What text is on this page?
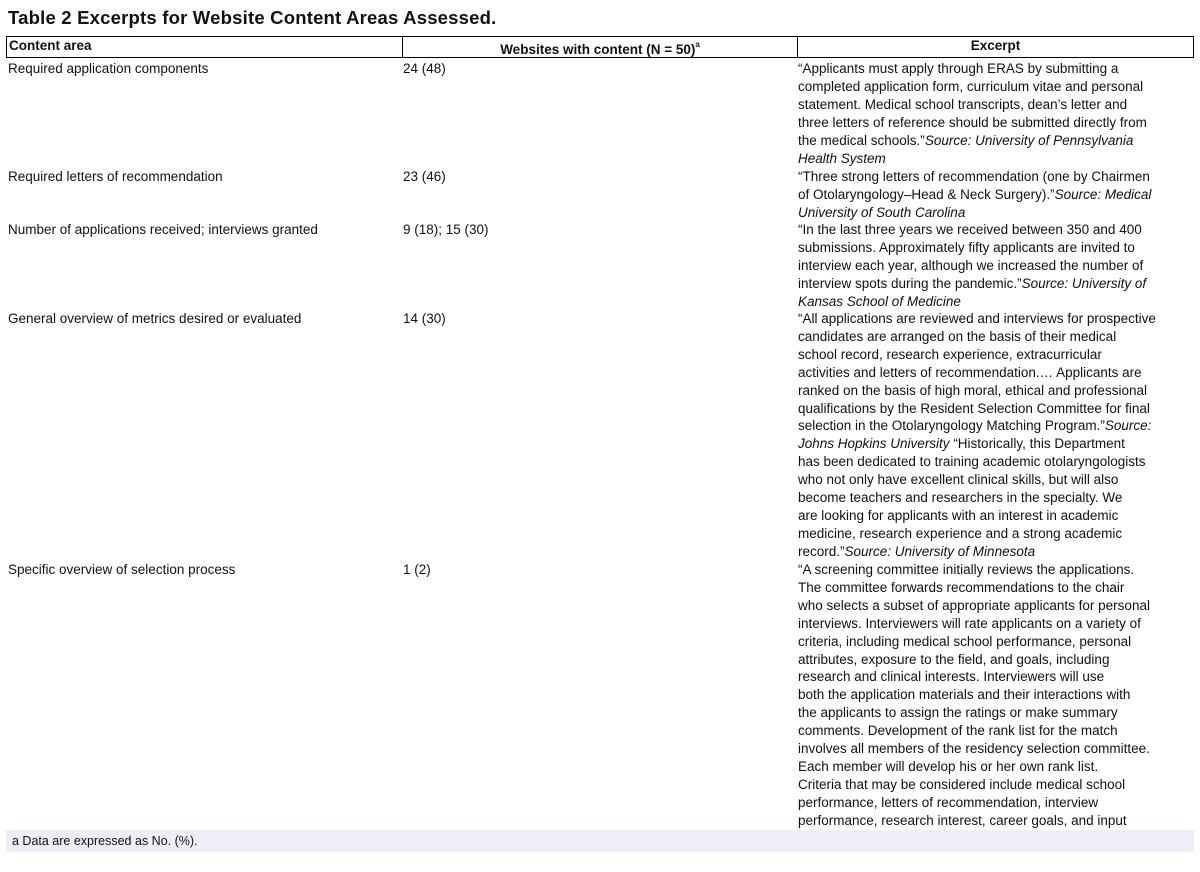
Table 2 Excerpts for Website Content Areas Assessed.
Content area	Websites with content (N = 50)$^a$	Excerpt
Required application components	24 (48)	“Applicants must apply through ERAS by submitting a
completed application form, curriculum vitae and personal
statement. Medical school transcripts, dean’s letter and
three letters of reference should be submitted directly from
the medical schools.”Source: University of Pennsylvania
Health System
Required letters of recommendation	23 (46)	“Three strong letters of recommendation (one by Chairmen
of Otolaryngology–Head & Neck Surgery).”Source: Medical
University of South Carolina
Number of applications received; interviews granted	9 (18); 15 (30)	“In the last three years we received between 350 and 400
submissions. Approximately fifty applicants are invited to
interview each year, although we increased the number of
interview spots during the pandemic.”Source: University of
Kansas School of Medicine
General overview of metrics desired or evaluated	14 (30)	“All applications are reviewed and interviews for prospective
candidates are arranged on the basis of their medical
school record, research experience, extracurricular
activities and letters of recommendation.… Applicants are
ranked on the basis of high moral, ethical and professional
qualifications by the Resident Selection Committee for final
selection in the Otolaryngology Matching Program.”Source:
Johns Hopkins University “Historically, this Department
has been dedicated to training academic otolaryngologists
who not only have excellent clinical skills, but will also
become teachers and researchers in the specialty. We
are looking for applicants with an interest in academic
medicine, research experience and a strong academic
record.”Source: University of Minnesota
Specific overview of selection process	1 (2)	“A screening committee initially reviews the applications.
The committee forwards recommendations to the chair
who selects a subset of appropriate applicants for personal
interviews. Interviewers will rate applicants on a variety of
criteria, including medical school performance, personal
attributes, exposure to the field, and goals, including
research and clinical interests. Interviewers will use
both the application materials and their interactions with
the applicants to assign the ratings or make summary
comments. Development of the rank list for the match
involves all members of the residency selection committee.
Each member will develop his or her own rank list.
Criteria that may be considered include medical school
performance, letters of recommendation, interview
performance, research interest, career goals, and input
a Data are expressed as No. (%).
